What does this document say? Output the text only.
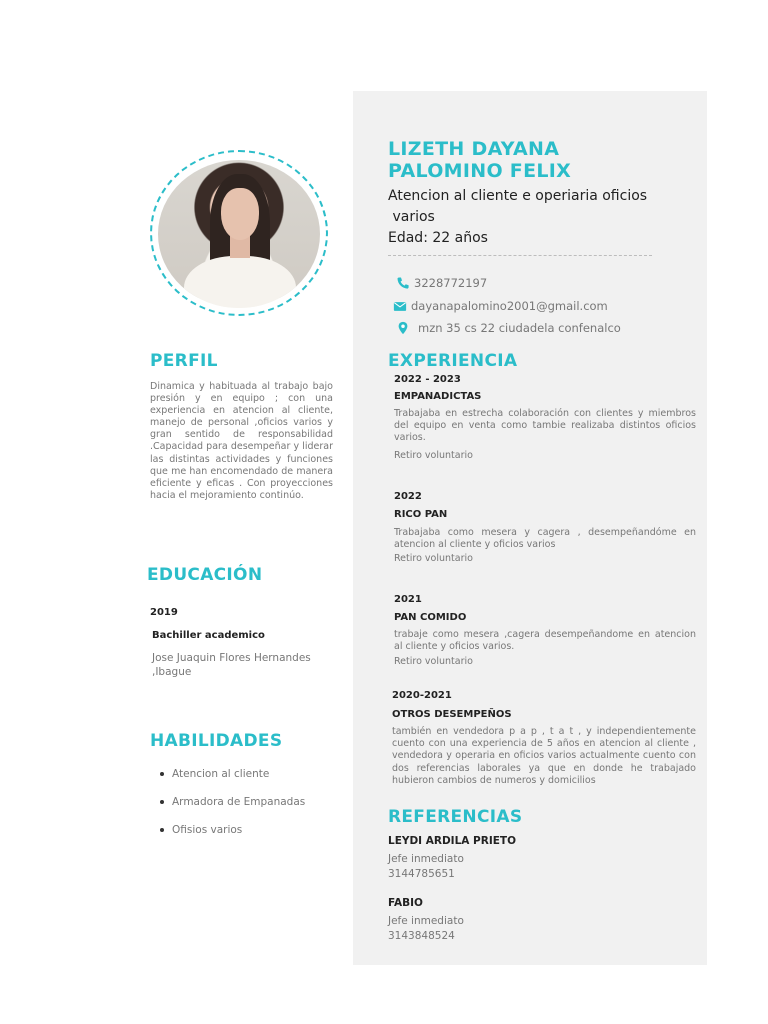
PERFIL

Dinamica y habituada al trabajo bajo presión y en equipo ; con una experiencia en atencion al cliente, manejo de personal ,oficios varios y gran sentido de responsabilidad .Capacidad para desempeñar y liderar las distintas actividades y funciones que me han encomendado de manera eficiente y eficas . Con proyecciones hacia el mejoramiento continúo.

EDUCACIÓN
2019
Bachiller academico
Jose Juaquin Flores Hernandes
,Ibague
HABILIDADES
Atencion al cliente
Armadora de Empanadas
Ofisios varios
LIZETH DAYANA
PALOMINO FELIX

Atencion al cliente e operiaria oficios
varios

Edad: 22 años
3228772197
dayanapalomino2001@gmail.com
mzn 35 cs 22 ciudadela confenalco
EXPERIENCIA
2022 - 2023
EMPANADICTAS

Trabajaba en estrecha colaboración con clientes y miembros del equipo en venta como tambie realizaba distintos oficios varios.

Retiro voluntario
2022
RICO PAN

Trabajaba como mesera y cagera , desempeñandóme en atencion al cliente y oficios varios

Retiro voluntario
2021
PAN COMIDO

trabaje como mesera ,cagera desempeñandome en atencion al cliente y oficios varios.

Retiro voluntario
2020-2021
OTROS DESEMPEÑOS

también en vendedora p a p , t a t , y independientemente cuento con una experiencia de 5 años en atencion al cliente , vendedora y operaria en oficios varios actualmente cuento con dos referencias laborales ya que en donde he trabajado hubieron cambios de numeros y domicilios

REFERENCIAS
LEYDI ARDILA PRIETO
Jefe inmediato
3144785651
FABIO
Jefe inmediato
3143848524
